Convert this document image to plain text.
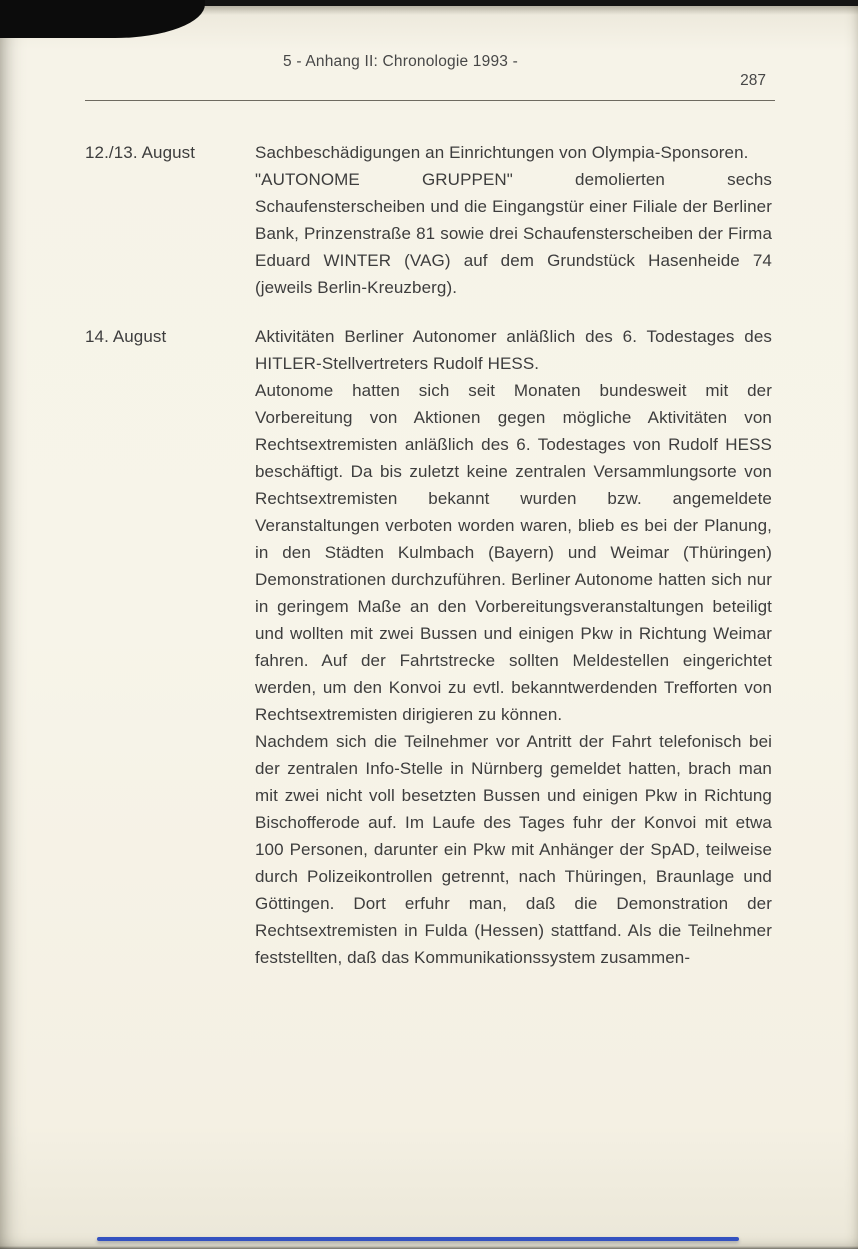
5 - Anhang II: Chronologie 1993 -
287
12./13. August	Sachbeschädigungen an Einrichtungen von Olympia-Sponsoren.

"AUTONOME GRUPPEN" demolierten sechs Schaufensterscheiben und die Eingangstür einer Filiale der Berliner Bank, Prinzenstraße 81 sowie drei Schaufensterscheiben der Firma Eduard WINTER (VAG) auf dem Grundstück Hasenheide 74 (jeweils Berlin-Kreuzberg).

14. August	Aktivitäten Berliner Autonomer anläßlich des 6. Todestages des HITLER-Stellvertreters Rudolf HESS.

Autonome hatten sich seit Monaten bundesweit mit der Vorbereitung von Aktionen gegen mögliche Aktivitäten von Rechtsextremisten anläßlich des 6. Todestages von Rudolf HESS beschäftigt. Da bis zuletzt keine zentralen Versammlungsorte von Rechtsextremisten bekannt wurden bzw. angemeldete Veranstaltungen verboten worden waren, blieb es bei der Planung, in den Städten Kulmbach (Bayern) und Weimar (Thüringen) Demonstrationen durchzuführen. Berliner Autonome hatten sich nur in geringem Maße an den Vorbereitungsveranstaltungen beteiligt und wollten mit zwei Bussen und einigen Pkw in Richtung Weimar fahren. Auf der Fahrtstrecke sollten Meldestellen eingerichtet werden, um den Konvoi zu evtl. bekanntwerdenden Trefforten von Rechtsextremisten dirigieren zu können.

Nachdem sich die Teilnehmer vor Antritt der Fahrt telefonisch bei der zentralen Info-Stelle in Nürnberg gemeldet hatten, brach man mit zwei nicht voll besetzten Bussen und einigen Pkw in Richtung Bischofferode auf. Im Laufe des Tages fuhr der Konvoi mit etwa 100 Personen, darunter ein Pkw mit Anhänger der SpAD, teilweise durch Polizeikontrollen getrennt, nach Thüringen, Braunlage und Göttingen. Dort erfuhr man, daß die Demonstration der Rechtsextremisten in Fulda (Hessen) stattfand. Als die Teilnehmer feststellten, daß das Kommunikationssystem zusammen-
